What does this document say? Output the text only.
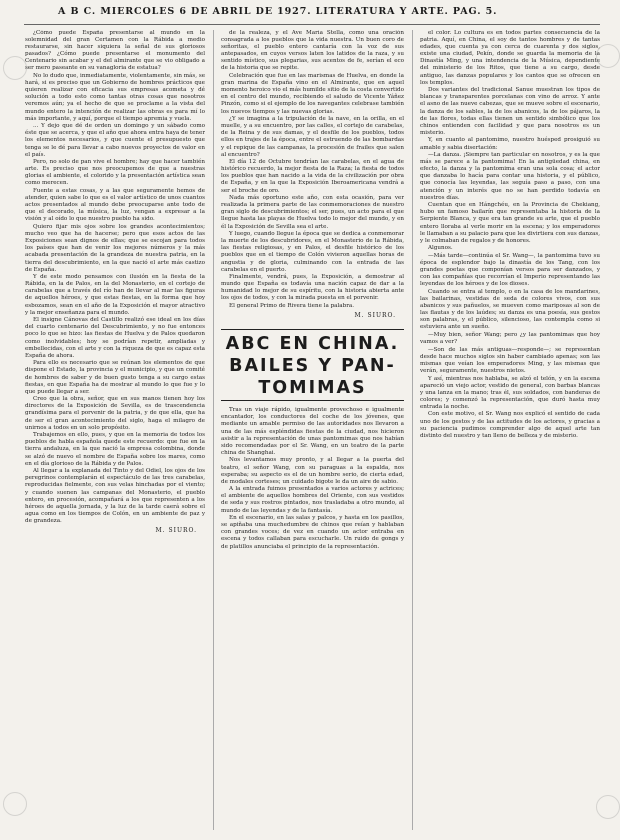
A B C. MIERCOLES 6 DE ABRIL DE 1927. LITERATURA Y ARTE. PAG. 5.

¿Cómo puede España presentarse al mundo en la solemnidad del gran Certamen con la Rábida a medio restaurarse, sin hacer siquiera la señal de sus gloriosos pasados? ¿Cómo puede presentarse el monumento del Centenario sin acabar y el del almirante que se vio obligado a ser mero paseante en su vanagloria de estatua?

No lo dudo que, inmediatamente, violentamente, sin más, se hará, si es preciso que un Gobierno de hombres prácticos que quieren realizar con eficacia sus empresas acometa y dé solución a todo esto como tantas otras cosas que nosotros veremos aún; ya el hecho de que se proclame a la vista del mundo entero la intención de realizar las obras es para mí lo más importante, y aquí, porque el tiempo apremia y vuela.

... Y dejo que dé de orden un domingo y un sábado como éste que se acerca, y que el año que ahora entra haya de tener los elementos necesarios, y que cuente el presupuesto que tenga se le dé para llevar a cabo nuevos proyectos de valor en el país.

Pero, no solo de pan vive el hombre; hay que hacer también arte. Es preciso que nos preocupemos de que a nuestras glorias el ambiente, el colorido y la presentación artística sean como merecen.

Fuente a estas cosas, y a las que seguramente hemos de atender, quien sabe lo que es el valor artístico de unos cuantos actos presentados al mundo debe preocuparse ante todo de que el decorado, la música, la luz, vengan a expresar a la visión y al oído lo que nuestro pueblo ha sido.

Quiero fijar mis ojos sobre los grandes acontecimientos; mucho veo que ha de hacerse; pero que esos actos de las Exposiciones sean dignos de ellas; que se escojan para todos los países que han de venir los mejores números y la más acabada presentación de la grandeza de nuestra patria, en la tierra del descubrimiento, en la que nació el arte más castizo de España.

Y de este modo pensamos con ilusión en la fiesta de la Rábida, en la de Palos, en la del Monasterio, en el cortejo de carabelas que a través del río han de llevar al mar las figuras de aquellos héroes, y que estas fiestas, en la forma que hoy esbozamos, sean en el año de la Exposición el mayor atractivo y la mejor enseñanza para el mundo.

El insigne Cánovas del Castillo realizó ese ideal en los días del cuarto centenario del Descubrimiento, y no fue entonces poco lo que se hizo: las fiestas de Huelva y de Palos quedaron como inolvidables; hoy se podrían repetir, ampliadas y embellecidas, con el arte y con la riqueza de que es capaz esta España de ahora.

Para ello es necesario que se reúnan los elementos de que dispone el Estado, la provincia y el municipio, y que un comité de hombres de saber y de buen gusto tenga a su cargo estas fiestas, en que España ha de mostrar al mundo lo que fue y lo que puede llegar a ser.

Creo que la obra, señor, que en sus manos tienen hoy los directores de la Exposición de Sevilla, es de trascendencia grandísima para el porvenir de la patria, y de que ella, que ha de ser el gran acontecimiento del siglo, haga el milagro de unirnos a todos en un solo propósito.

Trabajemos en ello, pues, y que en la memoria de todos los pueblos de habla española quede este recuerdo: que fue en la tierra andaluza, en la que nació la empresa colombina, donde se alzó de nuevo el nombre de España sobre los mares, como en el día glorioso de la Rábida y de Palos.

Al llegar a la explanada del Tinto y del Odiel, los ojos de los peregrinos contemplarán el espectáculo de las tres carabelas, reproducidas fielmente, con sus velas hinchadas por el viento; y cuando suenen las campanas del Monasterio, el pueblo entero, en procesión, acompañará a los que representen a los héroes de aquella jornada, y la luz de la tarde caerá sobre el agua como en los tiempos de Colón, en un ambiente de paz y de grandeza.

M. SIURO.

de la realeza, y el Ave María Stella, como una oración consagrada a los pueblos que la vida nuestra. Un buen coro de señoritas, el pueblo entero cantaría con la voz de sus antepasados, en cuyos versos laten los latidos de la raza, y su sentido místico, sus plegarias, sus acentos de fe, serían el eco de la historia que se repite.

Celebración que fue en las marismas de Huelva, en donde la gran marina de España vino en el Almirante, que en aquel momento heroico vio el más humilde sitio de la costa convertido en el centro del mundo, recibiendo el saludo de Vicente Yáñez Pinzón, como si el ejemplo de los navegantes celebrase también los nuevos tiempos y las nuevas glorias.

¿Y se imagina a la tripulación de la nave, en la orilla, en el muelle, y a su encuentro, por las calles, el cortejo de carabelas, de la Reina y de sus damas, y el desfile de los pueblos, todos ellos en trajes de la época, entre el estruendo de las bombardas y el repique de las campanas, la procesión de frailes que salen al encuentro?

El día 12 de Octubre tendrían las carabelas, en el agua de histórico recuerdo, la mejor fiesta de la Raza; la fiesta de todos los pueblos que han nacido a la vida de la civilización por obra de España, y en la que la Exposición Iberoamericana vendrá a ser el broche de oro.

Nada más oportuno este año, con esta ocasión, para ver realizada la primera parte de las conmemoraciones de nuestro gran siglo de descubrimientos; el ser, pues, un acto para el que llegue hasta las playas de Huelva todo lo mejor del mundo, y en él la Exposición de Sevilla sea el arte.

Y luego, cuando llegue la época que se dedica a conmemorar la muerte de los descubridores, en el Monasterio de la Rábida, las fiestas religiosas, y en Palos, el desfile histórico de los pueblos que en el tiempo de Colón vivieron aquellas horas de angustia y de gloria, culminando con la entrada de las carabelas en el puerto.

Finalmente, vendrá, pues, la Exposición, a demostrar al mundo que España es todavía una nación capaz de dar a la humanidad lo mejor de su espíritu, con la historia abierta ante los ojos de todos, y con la mirada puesta en el porvenir.

El general Primo de Rivera tiene la palabra.

M. SIURO.
ABC EN CHINA.
BAILES Y PAN-
TOMIMAS

Tras un viaje rápido, igualmente provechoso e igualmente encantador, los conductores del coche de los jóvenes, que mediante un amable permiso de las autoridades nos llevaron a una de las más espléndidas fiestas de la ciudad, nos hicieron asistir a la representación de unas pantomimas que nos habían sido recomendadas por el Sr. Wang, en un teatro de la parte china de Shanghai.

Nos levantamos muy pronto, y al llegar a la puerta del teatro, el señor Wang, con su paraguas a la espalda, nos esperaba; su aspecto es el de un hombre serio, de cierta edad, de modales corteses; un cuidado bigote le da un aire de sabio.

A la entrada fuimos presentados a varios actores y actrices; el ambiente de aquellos hombres del Oriente, con sus vestidos de seda y sus rostros pintados, nos trasladaba a otro mundo, al mundo de las leyendas y de la fantasía.

En el escenario, en las salas y palcos, y hasta en los pasillos, se apiñaba una muchedumbre de chinos que reían y hablaban con grandes voces; de vez en cuando un actor entraba en escena y todos callaban para escucharle. Un ruido de gongs y de platillos anunciaba el principio de la representación.

el color. Lo cultura es en todos partes consecuencia de la patria. Aquí, en China, el soy de tantos hombres y de tantas edades, que cuenta ya con cerca de cuarenta y dos siglos, existe una ciudad, Pekín, donde se guarda la memoria de la Dinastía Ming, y una intendencia de la Música, dependiente del ministerio de los Ritos, que tiene a su cargo, desde antiguo, las danzas populares y los cantos que se ofrecen en los templos.

Dos variantes del tradicional Sanue muestran los tipos de blancas y transparentes porcelanas con vino de arroz. Y ante el asno de las nueve cabezas, que se mueve sobre el escenario, la danza de los sables, la de los abanicos, la de los pájaros, la de las flores, todas ellas tienen un sentido simbólico que los chinos entienden con facilidad y que para nosotros es un misterio.

Y, en cuanto al pantomimo, nuestro huésped prosiguió su amable y sabia disertación:

—La danza. ¡Siempre tan particular en nosotros, y es la que más se parece a la pantomima! En la antigüedad china, en efecto, la danza y la pantomima eran una sola cosa; el actor que danzaba lo hacía para contar una historia, y el público, que conocía las leyendas, las seguía paso a paso, con una atención y un interés que no se han perdido todavía en nuestros días.

Cuentan que en Hángchéu, en la Provincia de Chekiang, hubo un famoso bailarín que representaba la historia de la Serpiente Blanca, y que era tan grande su arte, que el pueblo entero lloraba al verle morir en la escena; y los emperadores le llamaban a su palacio para que les divirtiera con sus danzas, y le colmaban de regalos y de honores.

Algunos.

—Más tarde—continúa el Sr. Wang—, la pantomima tuvo su época de esplendor bajo la dinastía de los Tang, con los grandes poetas que componían versos para ser danzados, y con las compañías que recorrían el Imperio representando las leyendas de los héroes y de los dioses.

Cuando se entra al templo, o en la casa de los mandarines, las bailarinas, vestidas de seda de colores vivos, con sus abanicos y sus pañuelos, se mueven como mariposas al son de las flautas y de los laúdes; su danza es una poesía, sus gestos son palabras, y el público, silencioso, las contempla como si estuviera ante un sueño.

—Muy bien, señor Wang; pero ¿y las pantomimas que hoy vamos a ver?

—Son de las más antiguas—responde—; se representan desde hace muchos siglos sin haber cambiado apenas; son las mismas que veían los emperadores Ming, y las mismas que verán, seguramente, nuestros nietos.

Y así, mientras nos hablaba, se alzó el telón, y en la escena apareció un viejo actor, vestido de general, con barbas blancas y una lanza en la mano; tras él, sus soldados, con banderas de colores; y comenzó la representación, que duró hasta muy entrada la noche.

Con este motivo, el Sr. Wang nos explicó el sentido de cada uno de los gestos y de las actitudes de los actores, y gracias a su paciencia pudimos comprender algo de aquel arte tan distinto del nuestro y tan lleno de belleza y de misterio.
